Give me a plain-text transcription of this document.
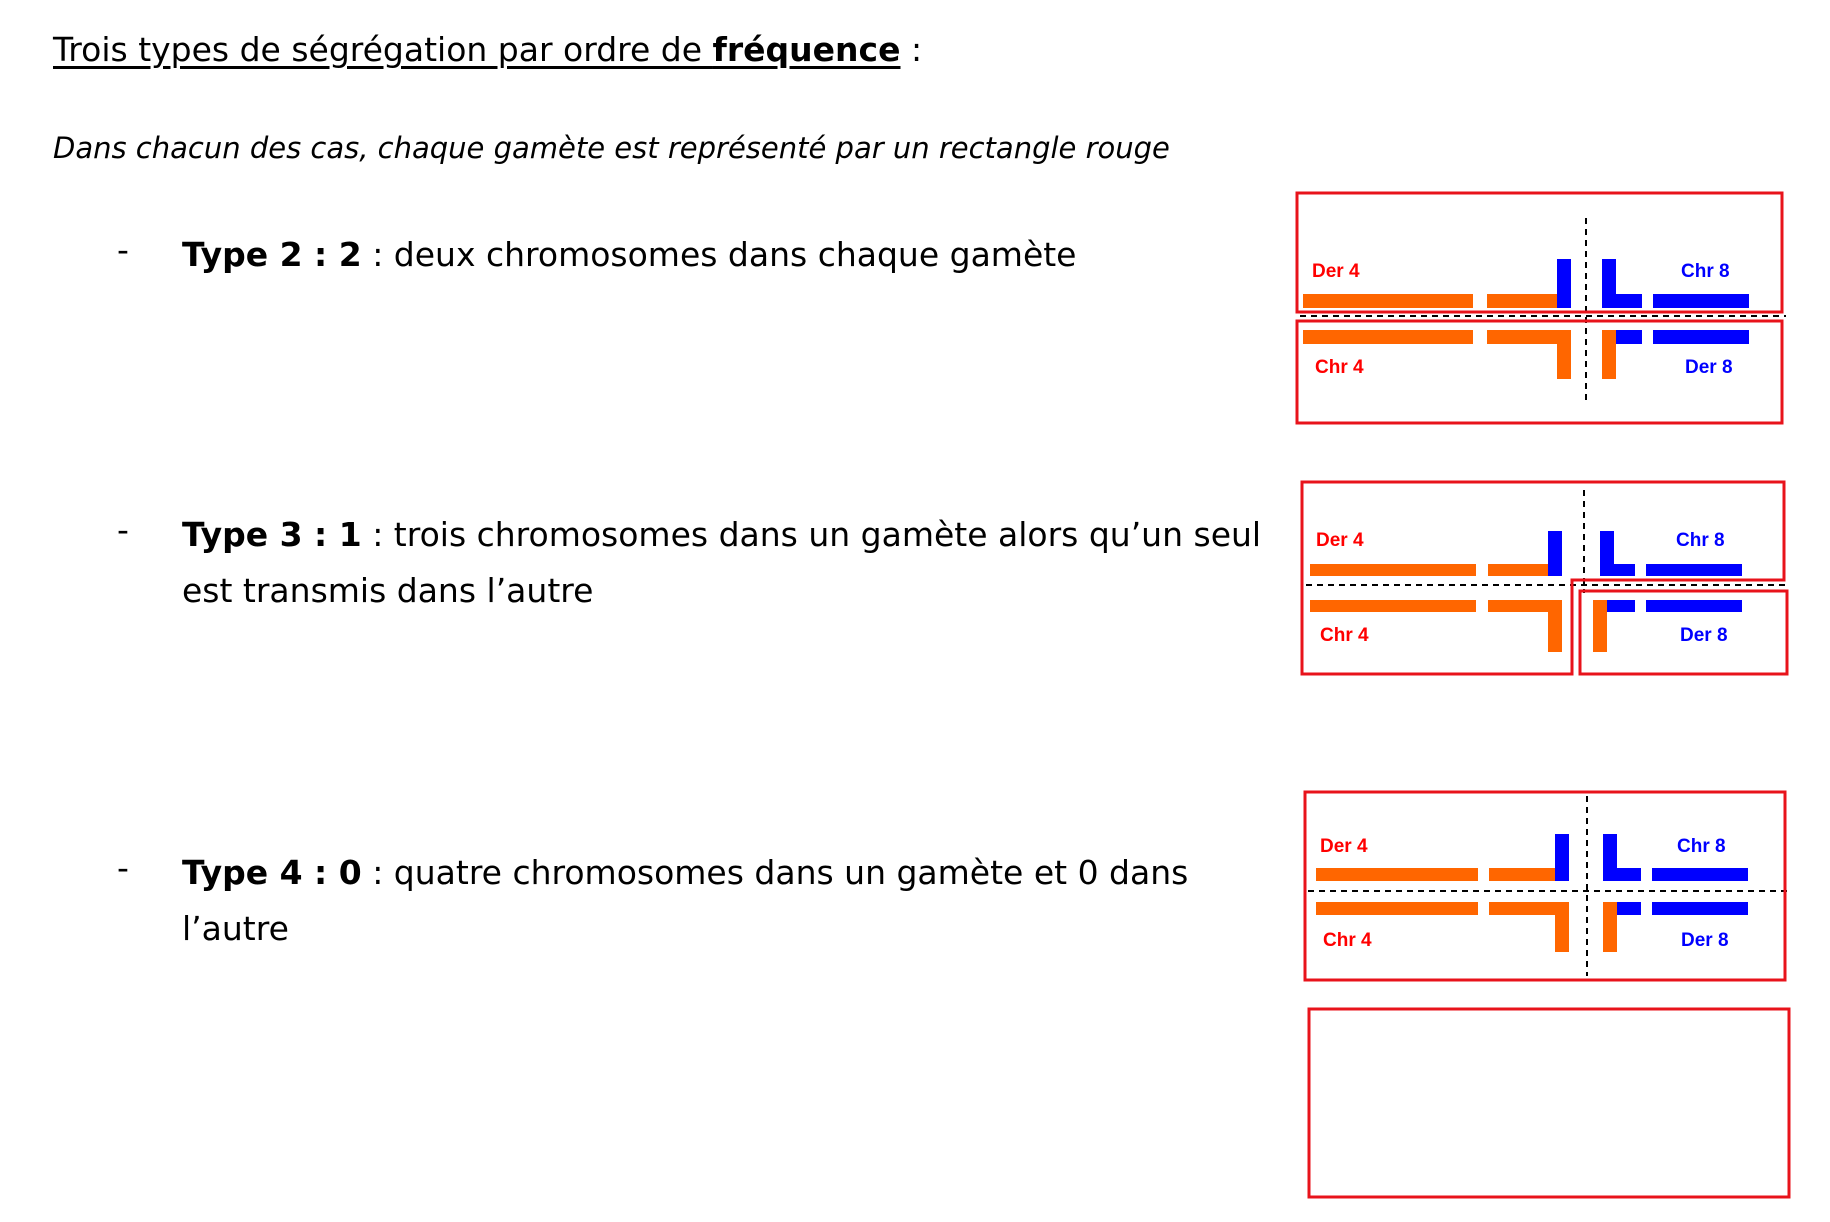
Trois types de ségrégation par ordre de fréquence :
Dans chacun des cas, chaque gamète est représenté par un rectangle rouge
- Type 2 : 2 : deux chromosomes dans chaque gamète
- Type 3 : 1 : trois chromosomes dans un gamète alors qu’un seul est transmis dans l’autre
- Type 4 : 0 : quatre chromosomes dans un gamète et 0 dans l’autre
Der 4	Chr 8
Chr 4	Der 8
Der 4	Chr 8
Chr 4	Der 8
Der 4	Chr 8
Chr 4	Der 8
